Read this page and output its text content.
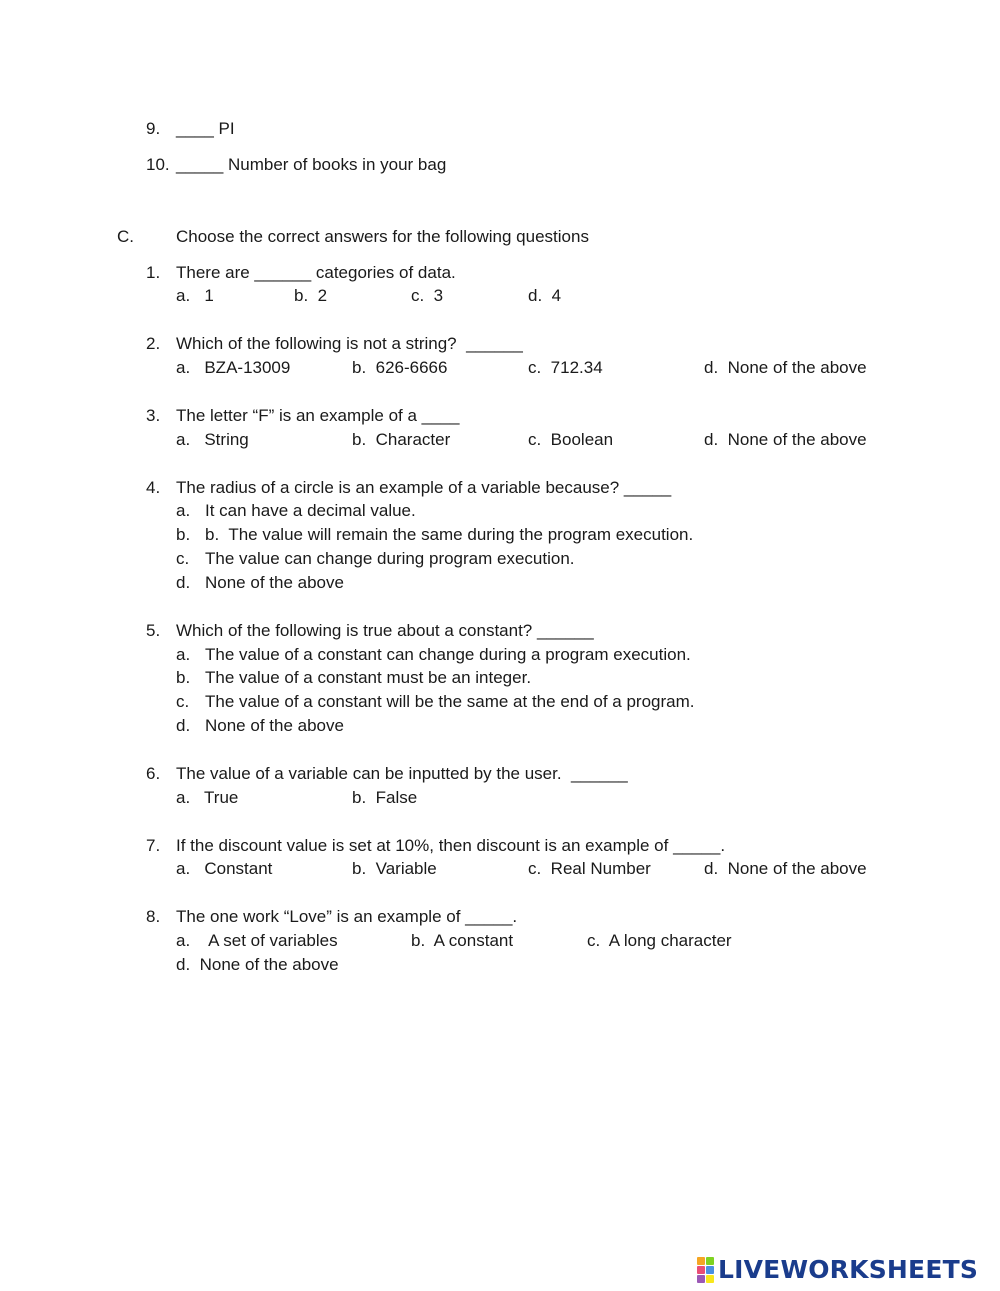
9. ____ PI
10. _____ Number of books in your bag
C. Choose the correct answers for the following questions
1. There are ______ categories of data.
a.   1	b.  2	c.  3	d.  4
2. Which of the following is not a string?  ______
a.   BZA-13009	b.  626-6666	c.  712.34	d.  None of the above
3. The letter “F” is an example of a ____
a.   String	b.  Character	c.  Boolean	d.  None of the above
4. The radius of a circle is an example of a variable because? _____
a. It can have a decimal value.
b. b.  The value will remain the same during the program execution.
c. The value can change during program execution.
d. None of the above
5. Which of the following is true about a constant? ______
a. The value of a constant can change during a program execution.
b. The value of a constant must be an integer.
c. The value of a constant will be the same at the end of a program.
d. None of the above
6. The value of a variable can be inputted by the user.  ______
a.   True	b.  False
7. If the discount value is set at 10%, then discount is an example of _____.
a.   Constant	b.  Variable	c.  Real Number	d.  None of the above
8. The one work “Love” is an example of _____.
a.    A set of variables	b.  A constant	c.  A long character
d.  None of the above
LIVEWORKSHEETS
